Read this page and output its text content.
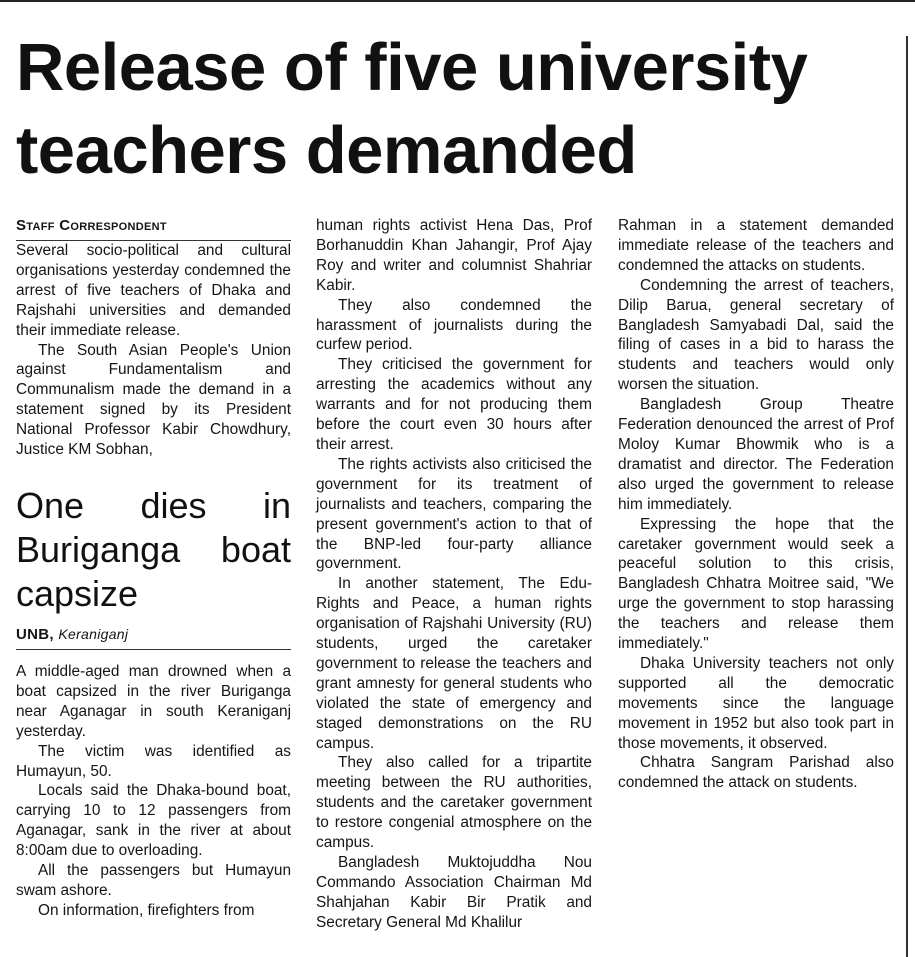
Release of five university
teachers demanded

Staff Correspondent

Several socio-political and cultural organisations yesterday condemned the arrest of five teachers of Dhaka and Rajshahi universities and demanded their immediate release.

The South Asian People's Union against Fundamentalism and Communalism made the demand in a statement signed by its President National Professor Kabir Chowdhury, Justice KM Sobhan,

One dies in Buriganga boat capsize

UNB, Keraniganj

A middle-aged man drowned when a boat capsized in the river Buriganga near Aganagar in south Keraniganj yesterday.

The victim was identified as Humayun, 50.

Locals said the Dhaka-bound boat, carrying 10 to 12 passengers from Aganagar, sank in the river at about 8:00am due to overloading.

All the passengers but Humayun swam ashore.

On information, firefighters from

human rights activist Hena Das, Prof Borhanuddin Khan Jahangir, Prof Ajay Roy and writer and columnist Shahriar Kabir.

They also condemned the harassment of journalists during the curfew period.

They criticised the government for arresting the academics without any warrants and for not producing them before the court even 30 hours after their arrest.

The rights activists also criticised the government for its treatment of journalists and teachers, comparing the present government's action to that of the BNP-led four-party alliance government.

In another statement, The Edu-Rights and Peace, a human rights organisation of Rajshahi University (RU) students, urged the caretaker government to release the teachers and grant amnesty for general students who violated the state of emergency and staged demonstrations on the RU campus.

They also called for a tripartite meeting between the RU authorities, students and the caretaker government to restore congenial atmosphere on the campus.

Bangladesh Muktojuddha Nou Commando Association Chairman Md Shahjahan Kabir Bir Pratik and Secretary General Md Khalilur

Rahman in a statement demanded immediate release of the teachers and condemned the attacks on students.

Condemning the arrest of teachers, Dilip Barua, general secretary of Bangladesh Samyabadi Dal, said the filing of cases in a bid to harass the students and teachers would only worsen the situation.

Bangladesh Group Theatre Federation denounced the arrest of Prof Moloy Kumar Bhowmik who is a dramatist and director. The Federation also urged the government to release him immediately.

Expressing the hope that the caretaker government would seek a peaceful solution to this crisis, Bangladesh Chhatra Moitree said, "We urge the government to stop harassing the teachers and release them immediately."

Dhaka University teachers not only supported all the democratic movements since the language movement in 1952 but also took part in those movements, it observed.

Chhatra Sangram Parishad also condemned the attack on students.
